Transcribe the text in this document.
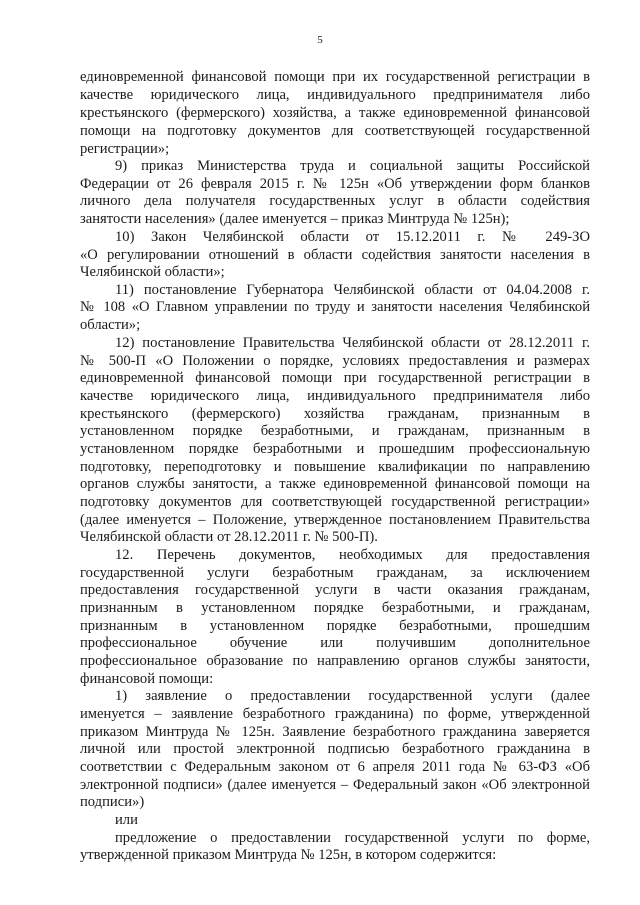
5
единовременной финансовой помощи при их государственной регистрации в
качестве юридического лица, индивидуального предпринимателя либо
крестьянского (фермерского) хозяйства, а также единовременной финансовой
помощи на подготовку документов для соответствующей государственной
регистрации»;
9) приказ Министерства труда и социальной защиты Российской
Федерации от 26 февраля 2015 г. № 125н «Об утверждении форм бланков
личного дела получателя государственных услуг в области содействия
занятости населения» (далее именуется – приказ Минтруда № 125н);
10) Закон Челябинской области от 15.12.2011 г. № 249-ЗО
«О регулировании отношений в области содействия занятости населения в
Челябинской области»;
11) постановление Губернатора Челябинской области от 04.04.2008 г.
№ 108 «О Главном управлении по труду и занятости населения Челябинской
области»;
12) постановление Правительства Челябинской области от 28.12.2011 г.
№ 500-П «О Положении о порядке, условиях предоставления и размерах
единовременной финансовой помощи при государственной регистрации в
качестве юридического лица, индивидуального предпринимателя либо
крестьянского (фермерского) хозяйства гражданам, признанным в
установленном порядке безработными, и гражданам, признанным в
установленном порядке безработными и прошедшим профессиональную
подготовку, переподготовку и повышение квалификации по направлению
органов службы занятости, а также единовременной финансовой помощи на
подготовку документов для соответствующей государственной регистрации»
(далее именуется – Положение, утвержденное постановлением Правительства
Челябинской области от 28.12.2011 г. № 500-П).
12. Перечень документов, необходимых для предоставления
государственной услуги безработным гражданам, за исключением
предоставления государственной услуги в части оказания гражданам,
признанным в установленном порядке безработными, и гражданам,
признанным в установленном порядке безработными, прошедшим
профессиональное обучение или получившим дополнительное
профессиональное образование по направлению органов службы занятости,
финансовой помощи:
1) заявление о предоставлении государственной услуги (далее
именуется – заявление безработного гражданина) по форме, утвержденной
приказом Минтруда № 125н. Заявление безработного гражданина заверяется
личной или простой электронной подписью безработного гражданина в
соответствии с Федеральным законом от 6 апреля 2011 года № 63-ФЗ «Об
электронной подписи» (далее именуется – Федеральный закон «Об электронной
подписи»)
или
предложение о предоставлении государственной услуги по форме,
утвержденной приказом Минтруда № 125н, в котором содержится:
